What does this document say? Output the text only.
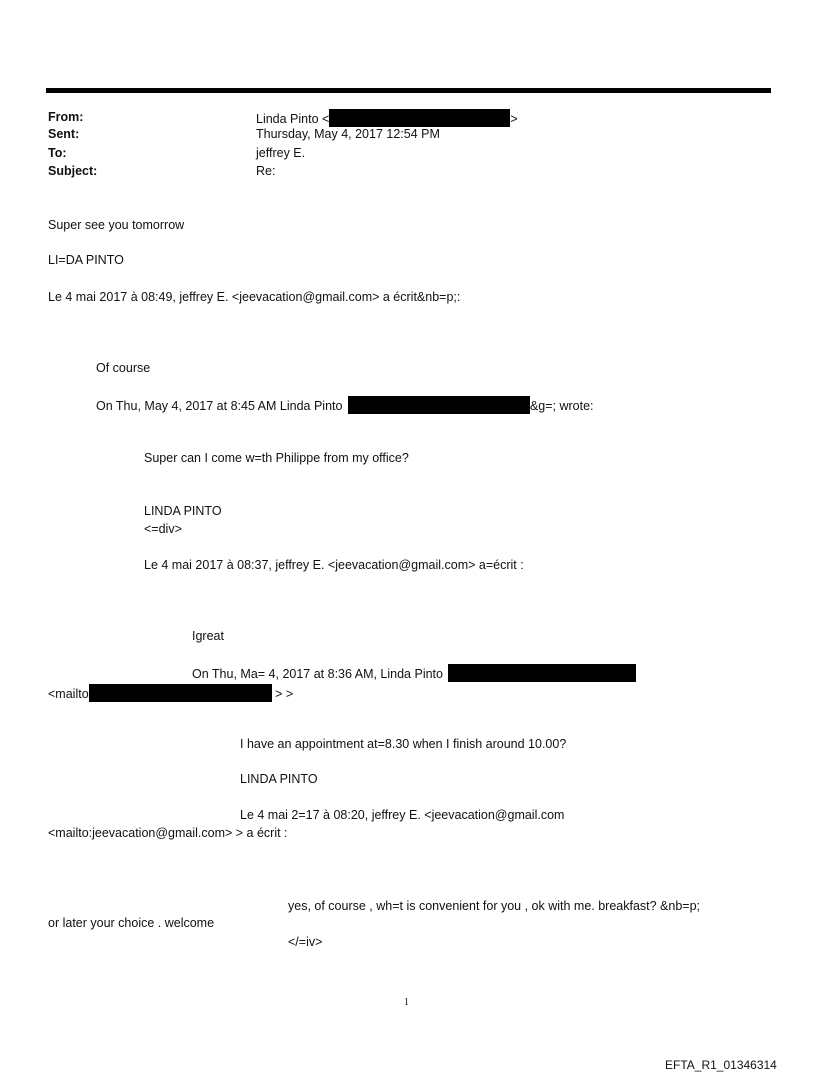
From:	Linda Pinto <	>
Sent:	Thursday, May 4, 2017 12:54 PM
To:	jeffrey E.
Subject:	Re:
Super see you tomorrow
LI=DA PINTO
Le 4 mai 2017 à 08:49, jeffrey E. <jeevacation@gmail.com> a écrit&nb=p;:
Of course
On Thu, May 4, 2017 at 8:45 AM Linda Pinto	&g=; wrote:
Super can I come w=th Philippe from my office?
LINDA PINTO
<=div>
Le 4 mai 2017 à 08:37, jeffrey E. <jeevacation@gmail.com> a=écrit :
Igreat
On Thu, Ma= 4, 2017 at 8:36 AM, Linda Pinto
<mailto	> >
I have an appointment at=8.30 when I finish around 10.00?
LINDA PINTO
Le 4 mai 2=17 à 08:20, jeffrey E. <jeevacation@gmail.com
<mailto:jeevacation@gmail.com> > a écrit :
yes, of course , wh=t is convenient for you , ok with me. breakfast? &nb=p;
or later your choice . welcome
</=iv>
1
EFTA_R1_01346314
